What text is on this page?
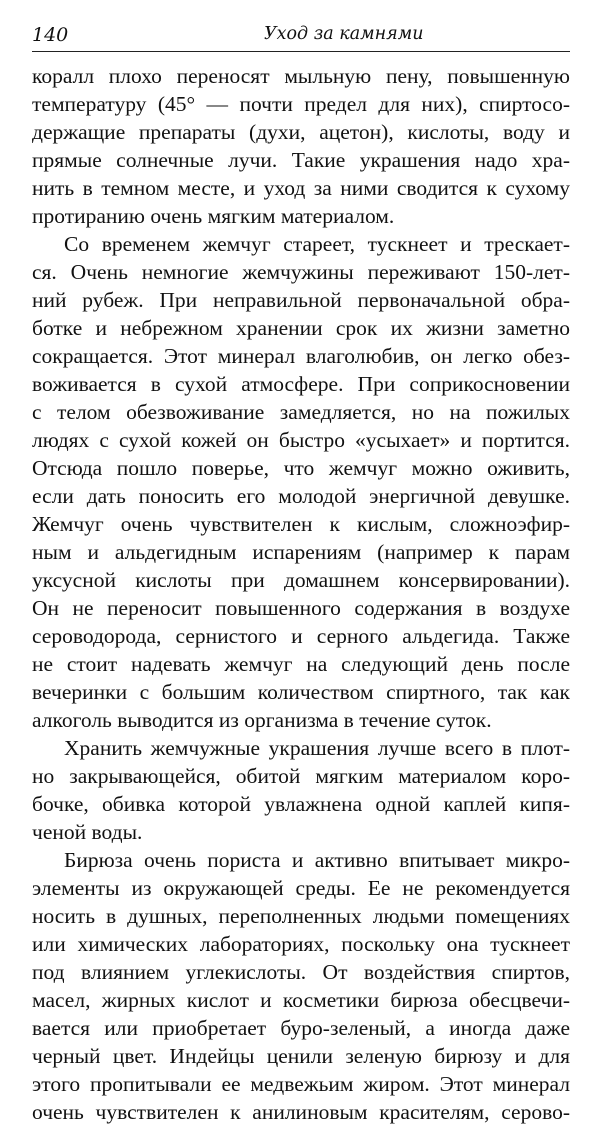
140	Уход за камнями
коралл плохо переносят мыльную пену, повышенную
температуру (45° — почти предел для них), спиртосо-
держащие препараты (духи, ацетон), кислоты, воду и
прямые солнечные лучи. Такие украшения надо хра-
нить в темном месте, и уход за ними сводится к сухому
протиранию очень мягким материалом.
Со временем жемчуг стареет, тускнеет и трескает-
ся. Очень немногие жемчужины переживают 150-лет-
ний рубеж. При неправильной первоначальной обра-
ботке и небрежном хранении срок их жизни заметно
сокращается. Этот минерал влаголюбив, он легко обез-
воживается в сухой атмосфере. При соприкосновении
с телом обезвоживание замедляется, но на пожилых
людях с сухой кожей он быстро «усыхает» и портится.
Отсюда пошло поверье, что жемчуг можно оживить,
если дать поносить его молодой энергичной девушке.
Жемчуг очень чувствителен к кислым, сложноэфир-
ным и альдегидным испарениям (например к парам
уксусной кислоты при домашнем консервировании).
Он не переносит повышенного содержания в воздухе
сероводорода, сернистого и серного альдегида. Также
не стоит надевать жемчуг на следующий день после
вечеринки с большим количеством спиртного, так как
алкоголь выводится из организма в течение суток.
Хранить жемчужные украшения лучше всего в плот-
но закрывающейся, обитой мягким материалом коро-
бочке, обивка которой увлажнена одной каплей кипя-
ченой воды.
Бирюза очень пориста и активно впитывает микро-
элементы из окружающей среды. Ее не рекомендуется
носить в душных, переполненных людьми помещениях
или химических лабораториях, поскольку она тускнеет
под влиянием углекислоты. От воздействия спиртов,
масел, жирных кислот и косметики бирюза обесцвечи-
вается или приобретает буро-зеленый, а иногда даже
черный цвет. Индейцы ценили зеленую бирюзу и для
этого пропитывали ее медвежьим жиром. Этот минерал
очень чувствителен к анилиновым красителям, серово-
